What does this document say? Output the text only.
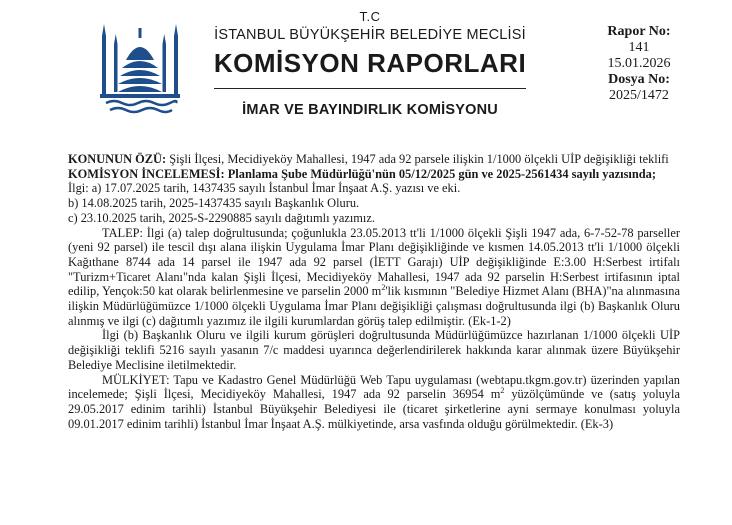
T.C
İSTANBUL BÜYÜKŞEHİR BELEDİYE MECLİSİ
KOMİSYON RAPORLARI
İMAR VE BAYINDIRLIK KOMİSYONU
Rapor No:
141
15.01.2026
Dosya No:
2025/1472

KONUNUN ÖZÜ: Şişli İlçesi, Mecidiyeköy Mahallesi, 1947 ada 92 parsele ilişkin 1/1000 ölçekli UİP değişikliği teklifi

KOMİSYON İNCELEMESİ: Planlama Şube Müdürlüğü'nün 05/12/2025 gün ve 2025-2561434 sayılı yazısında;

İlgi: a) 17.07.2025 tarih, 1437435 sayılı İstanbul İmar İnşaat A.Ş. yazısı ve eki.

b) 14.08.2025 tarih, 2025-1437435 sayılı Başkanlık Oluru.

c) 23.10.2025 tarih, 2025-S-2290885 sayılı dağıtımlı yazımız.

TALEP: İlgi (a) talep doğrultusunda; çoğunlukla 23.05.2013 tt'li 1/1000 ölçekli Şişli 1947 ada, 6-7-52-78 parseller (yeni 92 parsel) ile tescil dışı alana ilişkin Uygulama İmar Planı değişikliğinde ve kısmen 14.05.2013 tt'li 1/1000 ölçekli Kağıthane 8744 ada 14 parsel ile 1947 ada 92 parsel (İETT Garajı) UİP değişikliğinde E:3.00 H:Serbest irtifalı "Turizm+Ticaret Alanı"nda kalan Şişli İlçesi, Mecidiyeköy Mahallesi, 1947 ada 92 parselin H:Serbest irtifasının iptal edilip, Yençok:50 kat olarak belirlenmesine ve parselin 2000 $m^2'lik$ kısmının "Belediye Hizmet Alanı (BHA)"na alınmasına ilişkin Müdürlüğümüzce 1/1000 ölçekli Uygulama İmar Planı değişikliği çalışması doğrultusunda ilgi (b) Başkanlık Oluru alınmış ve ilgi (c) dağıtımlı yazımız ile ilgili kurumlardan görüş talep edilmiştir. (Ek-1-2)

İlgi (b) Başkanlık Oluru ve ilgili kurum görüşleri doğrultusunda Müdürlüğümüzce hazırlanan 1/1000 ölçekli UİP değişikliği teklifi 5216 sayılı yasanın 7/c maddesi uyarınca değerlendirilerek hakkında karar alınmak üzere Büyükşehir Belediye Meclisine iletilmektedir.

MÜLKİYET: Tapu ve Kadastro Genel Müdürlüğü Web Tapu uygulaması (webtapu.tkgm.gov.tr) üzerinden yapılan incelemede; Şişli İlçesi, Mecidiyeköy Mahallesi, 1947 ada 92 parselin 36954 $m^2$ yüzölçümünde ve (satış yoluyla 29.05.2017 edinim tarihli) İstanbul Büyükşehir Belediyesi ile (ticaret şirketlerine ayni sermaye konulması yoluyla 09.01.2017 edinim tarihli) İstanbul İmar İnşaat A.Ş. mülkiyetinde, arsa vasfında olduğu görülmektedir. (Ek-3)
